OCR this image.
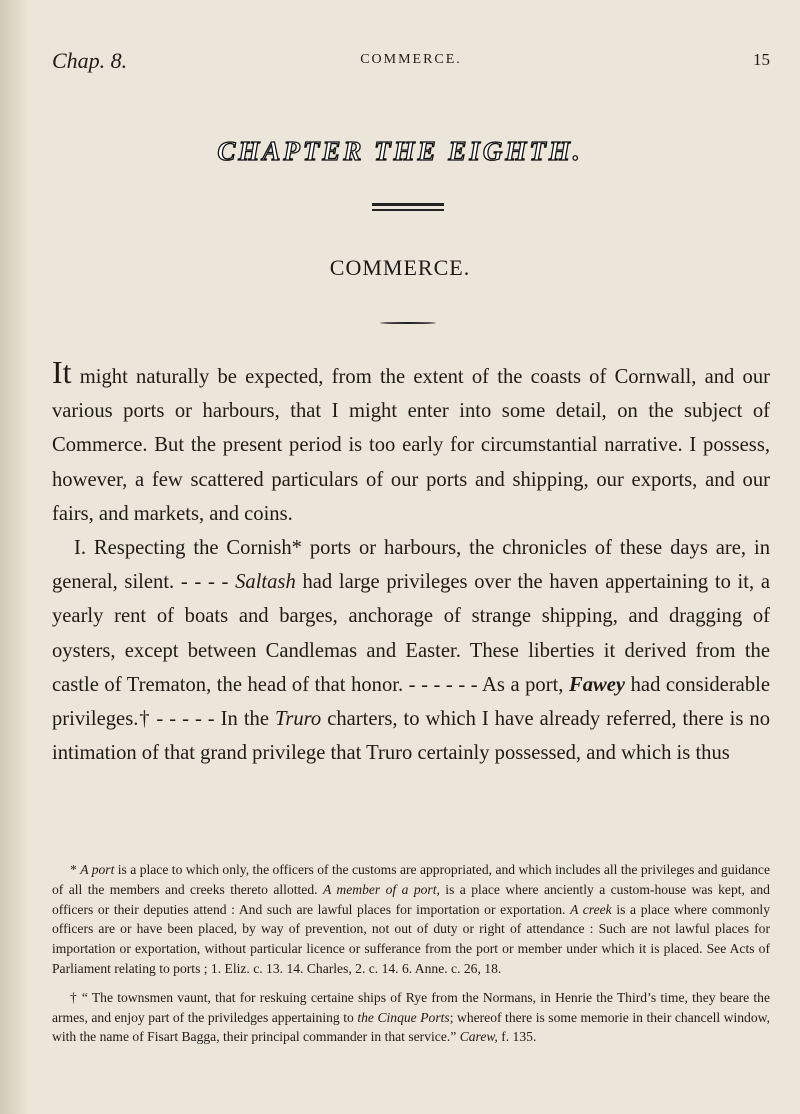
Chap. 8.	COMMERCE.	15
CHAPTER THE EIGHTH.
COMMERCE.

It might naturally be expected, from the extent of the coasts of Cornwall, and our various ports or harbours, that I might enter into some detail, on the subject of Commerce. But the present period is too early for circumstantial narrative. I possess, however, a few scattered particulars of our ports and shipping, our exports, and our fairs, and markets, and coins.

I. Respecting the Cornish* ports or harbours, the chronicles of these days are, in general, silent. - - - - Saltash had large privileges over the haven appertaining to it, a yearly rent of boats and barges, anchorage of strange shipping, and dragging of oysters, except between Candlemas and Easter. These liberties it derived from the castle of Trematon, the head of that honor. - - - - - - As a port, Fawey had considerable privileges.† - - - - - In the Truro charters, to which I have already referred, there is no intimation of that grand privilege that Truro certainly possessed, and which is thus

* A port is a place to which only, the officers of the customs are appropriated, and which includes all the privileges and guidance of all the members and creeks thereto allotted. A member of a port, is a place where anciently a custom-house was kept, and officers or their deputies attend : And such are lawful places for importation or exportation. A creek is a place where commonly officers are or have been placed, by way of prevention, not out of duty or right of attendance : Such are not lawful places for importation or exportation, without particular licence or sufferance from the port or member under which it is placed. See Acts of Parliament relating to ports ; 1. Eliz. c. 13. 14. Charles, 2. c. 14. 6. Anne. c. 26, 18.

† “ The townsmen vaunt, that for reskuing certaine ships of Rye from the Normans, in Henrie the Third’s time, they beare the armes, and enjoy part of the priviledges appertaining to the Cinque Ports; whereof there is some memorie in their chancell window, with the name of Fisart Bagga, their principal commander in that service.” Carew, f. 135.
